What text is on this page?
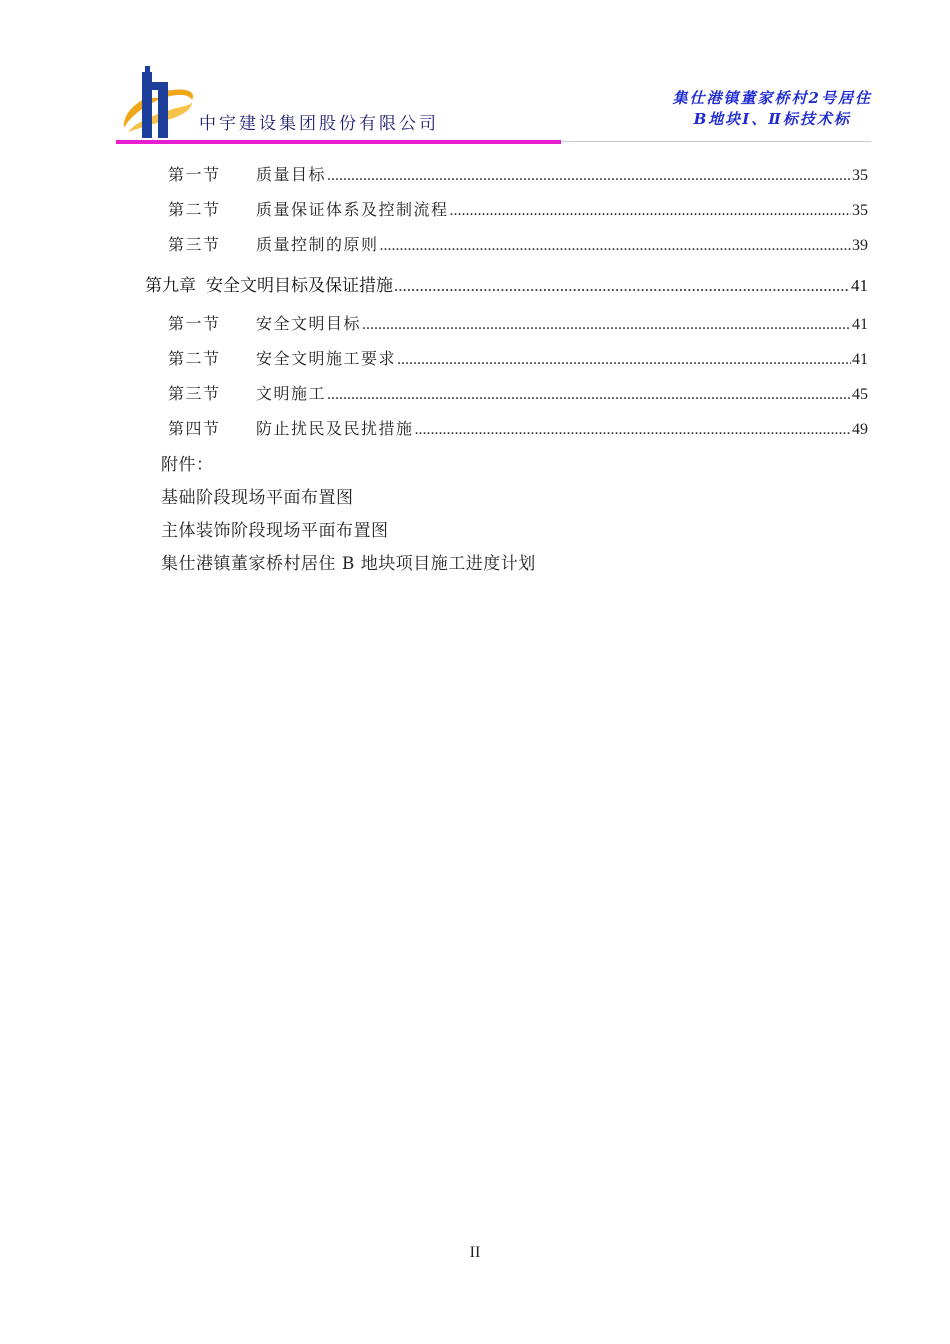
中宇建设集团股份有限公司
集仕港镇董家桥村2号居住
B地块Ⅰ、Ⅱ标技术标
第一节	质量目标 .....	35
第二节	质量保证体系及控制流程 .....	35
第三节	质量控制的原则 .....	39
第九章 安全文明目标及保证措施 .....	41
第一节	安全文明目标 .....	41
第二节	安全文明施工要求 .....	41
第三节	文明施工 .....	45
第四节	防止扰民及民扰措施 .....	49
附件：
基础阶段现场平面布置图
主体装饰阶段现场平面布置图
集仕港镇董家桥村居住 B 地块项目施工进度计划
II
